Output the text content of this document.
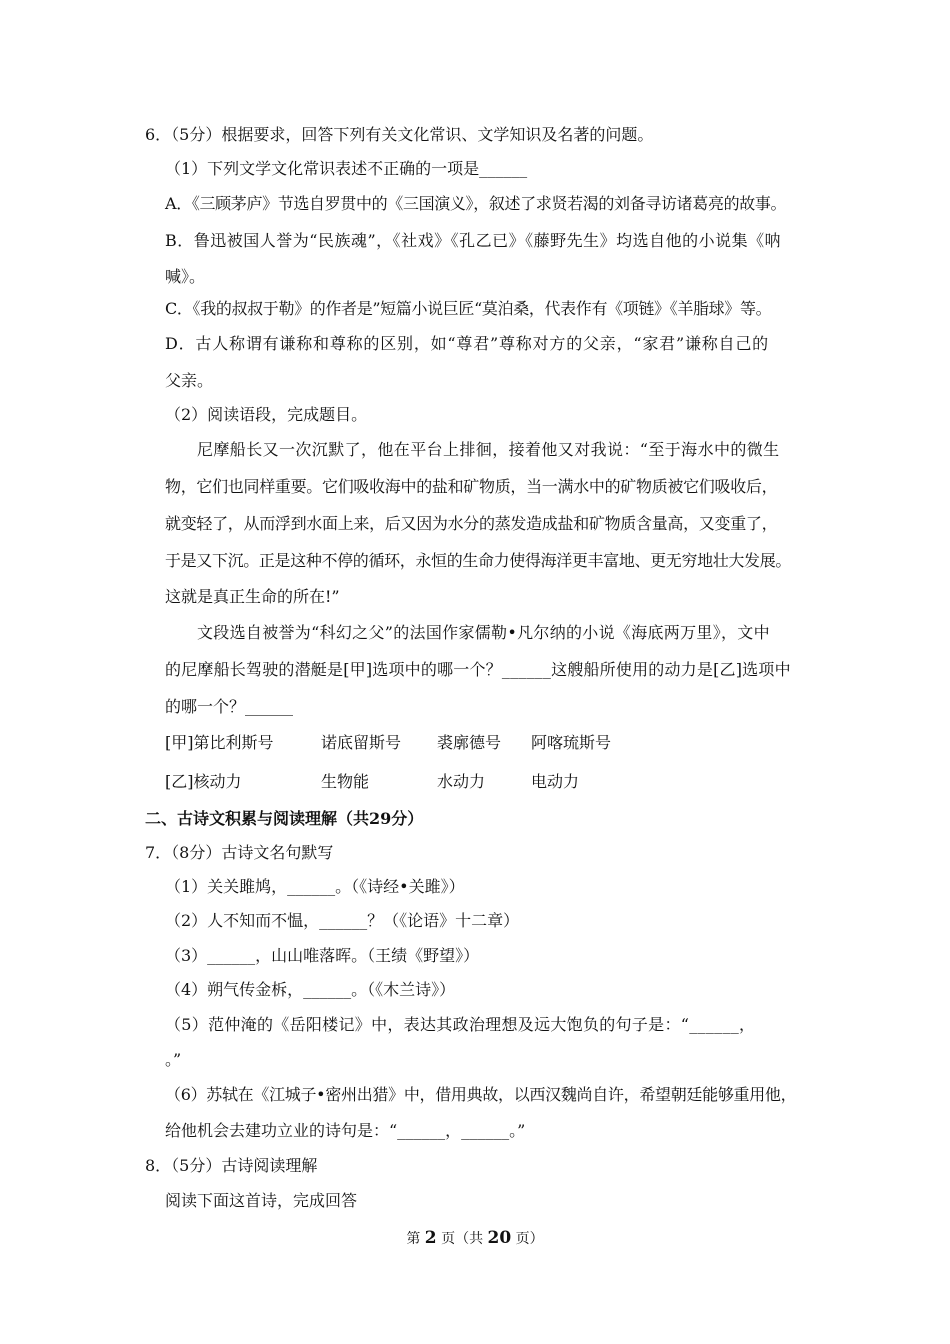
6．（5分）根据要求，回答下列有关文化常识、文学知识及名著的问题。
（1）下列文学文化常识表述不正确的一项是______
A．《三顾茅庐》节选自罗贯中的《三国演义》，叙述了求贤若渴的刘备寻访诸葛亮的故事。
B．鲁迅被国人誉为“民族魂”，《社戏》《孔乙已》《藤野先生》均选自他的小说集《呐
喊》。
C．《我的叔叔于勒》的作者是”短篇小说巨匠“莫泊桑，代表作有《项链》《羊脂球》等。
D．古人称谓有谦称和尊称的区别，如“尊君”尊称对方的父亲，“家君”谦称自己的
父亲。
（2）阅读语段，完成题目。
尼摩船长又一次沉默了，他在平台上排徊，接着他又对我说：“至于海水中的微生
物，它们也同样重要。它们吸收海中的盐和矿物质，当一满水中的矿物质被它们吸收后，
就变轻了，从而浮到水面上来，后又因为水分的蒸发造成盐和矿物质含量高，又变重了，
于是又下沉。正是这种不停的循环，永恒的生命力使得海洋更丰富地、更无穷地壮大发展。
这就是真正生命的所在!”
文段选自被誉为“科幻之父”的法国作家儒勒•凡尔纳的小说《海底两万里》，文中
的尼摩船长驾驶的潜艇是[甲]选项中的哪一个？______这艘船所使用的动力是[乙]选项中
的哪一个？______
[甲]第比利斯号	诺底留斯号 裘廓德号 阿喀琉斯号
[乙]核动力	生物能	水动力	电动力
二、古诗文积累与阅读理解（共29分）
7．（8分）古诗文名句默写
（1）关关雎鸠，______。（《诗经•关雎》）
（2）人不知而不愠，______？（《论语》十二章）
（3）______，山山唯落晖。（王绩《野望》）
（4）朔气传金柝，______。（《木兰诗》）
（5）范仲淹的《岳阳楼记》中，表达其政治理想及远大饱负的句子是：“______，
。”
（6）苏轼在《江城子•密州出猎》中，借用典故，以西汉魏尚自许，希望朝廷能够重用他，
给他机会去建功立业的诗句是：“______，______。”
8．（5分）古诗阅读理解
阅读下面这首诗，完成回答
第 2 页（共 20 页）
